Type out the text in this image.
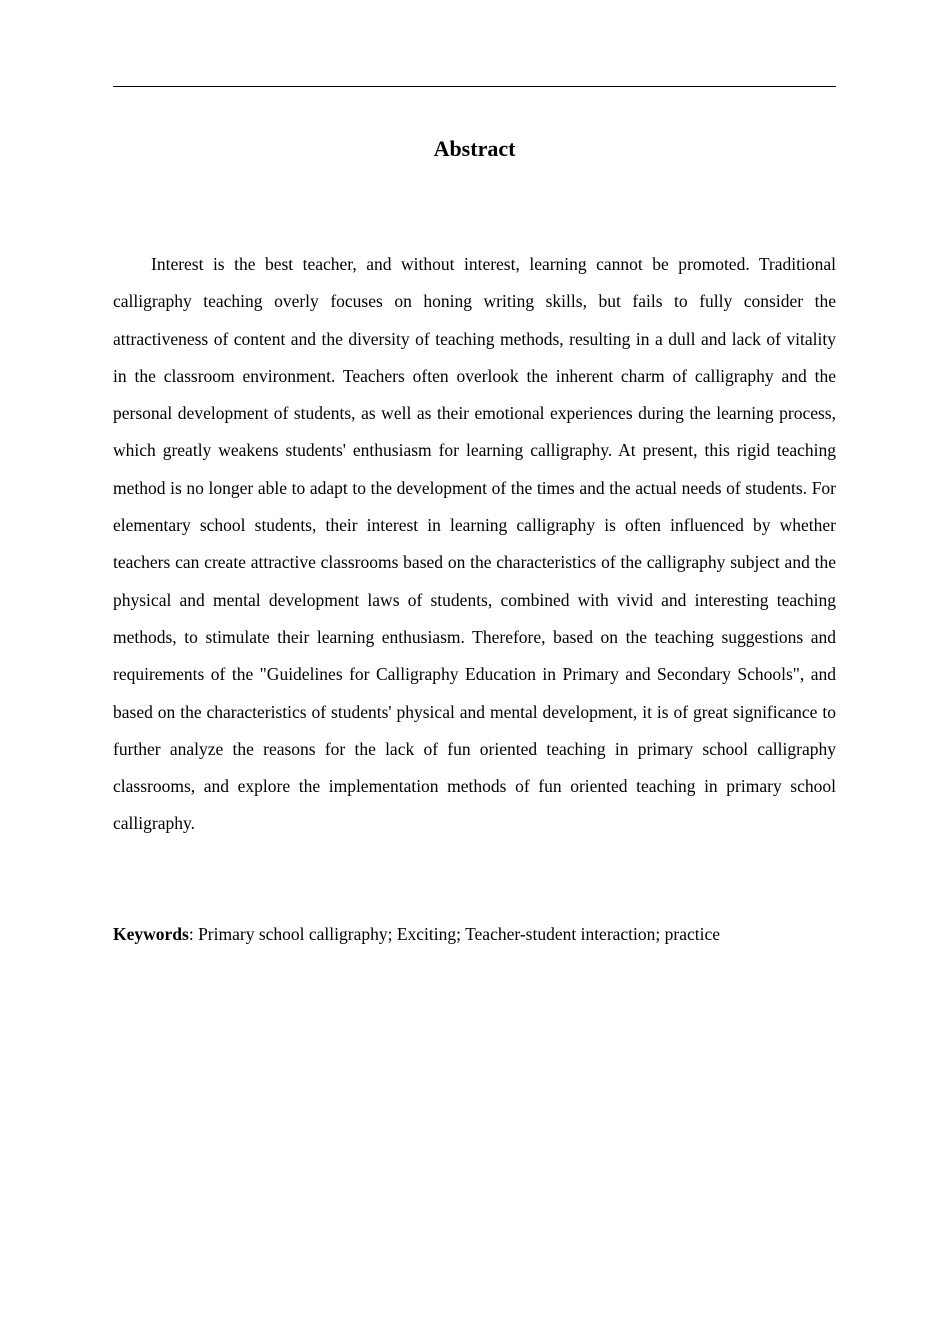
Abstract

Interest is the best teacher, and without interest, learning cannot be promoted. Traditional calligraphy teaching overly focuses on honing writing skills, but fails to fully consider the attractiveness of content and the diversity of teaching methods, resulting in a dull and lack of vitality in the classroom environment. Teachers often overlook the inherent charm of calligraphy and the personal development of students, as well as their emotional experiences during the learning process, which greatly weakens students' enthusiasm for learning calligraphy. At present, this rigid teaching method is no longer able to adapt to the development of the times and the actual needs of students. For elementary school students, their interest in learning calligraphy is often influenced by whether teachers can create attractive classrooms based on the characteristics of the calligraphy subject and the physical and mental development laws of students, combined with vivid and interesting teaching methods, to stimulate their learning enthusiasm. Therefore, based on the teaching suggestions and requirements of the "Guidelines for Calligraphy Education in Primary and Secondary Schools", and based on the characteristics of students' physical and mental development, it is of great significance to further analyze the reasons for the lack of fun oriented teaching in primary school calligraphy classrooms, and explore the implementation methods of fun oriented teaching in primary school calligraphy.

Keywords: Primary school calligraphy; Exciting; Teacher-student interaction; practice
